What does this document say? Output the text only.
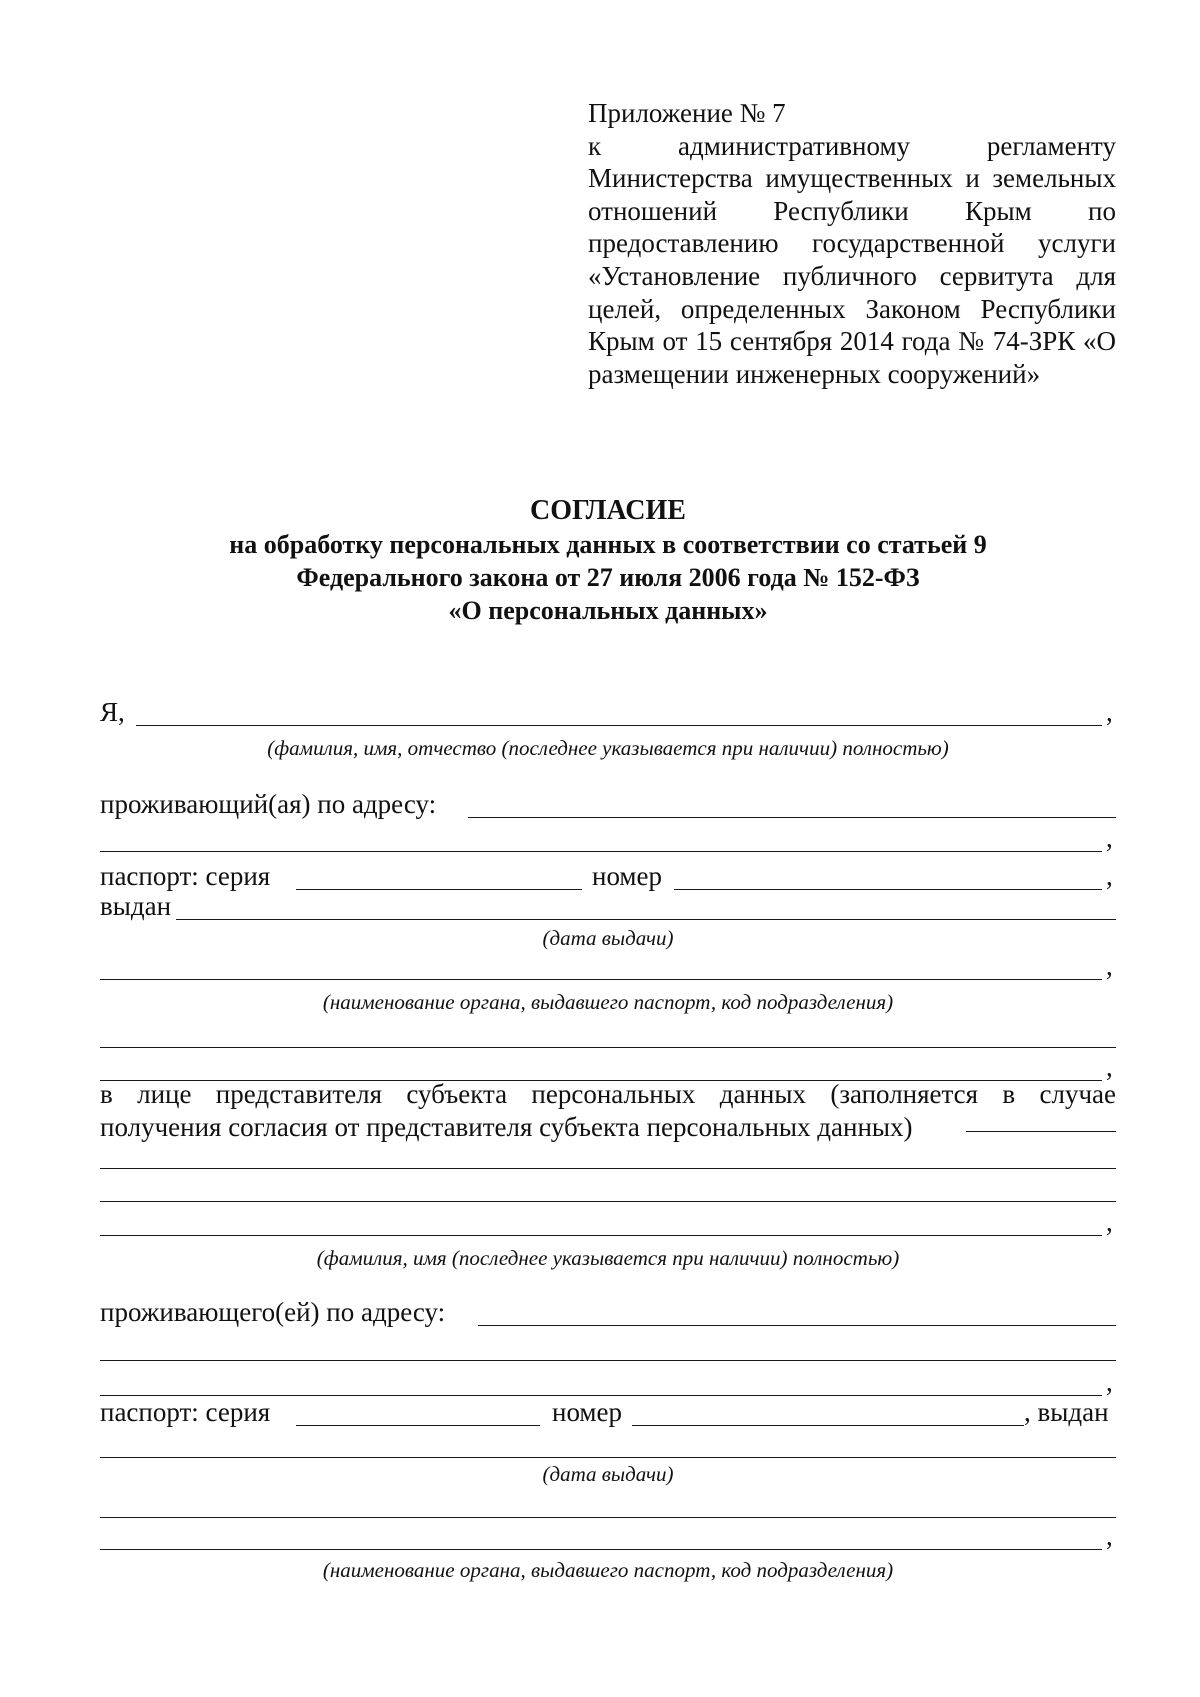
Приложение № 7
к административному регламенту Министерства имущественных и земельных отношений Республики Крым по предоставлению государственной услуги «Установление публичного сервитута для целей, определенных Законом Республики Крым от 15 сентября 2014 года № 74-ЗРК «О размещении инженерных сооружений»
СОГЛАСИЕ
на обработку персональных данных в соответствии со статьей 9
Федерального закона от 27 июля 2006 года № 152-ФЗ
«О персональных данных»
Я,	,
(фамилия, имя, отчество (последнее указывается при наличии) полностью)
проживающий(ая) по адресу:
,
паспорт: серия	номер	,
выдан
(дата выдачи)
,
(наименование органа, выдавшего паспорт, код подразделения)
,
в лице представителя субъекта персональных данных (заполняется в случае
получения согласия от представителя субъекта персональных данных)
,
(фамилия, имя (последнее указывается при наличии) полностью)
проживающего(ей) по адресу:
,
паспорт: серия	номер	, выдан
(дата выдачи)
,
(наименование органа, выдавшего паспорт, код подразделения)
